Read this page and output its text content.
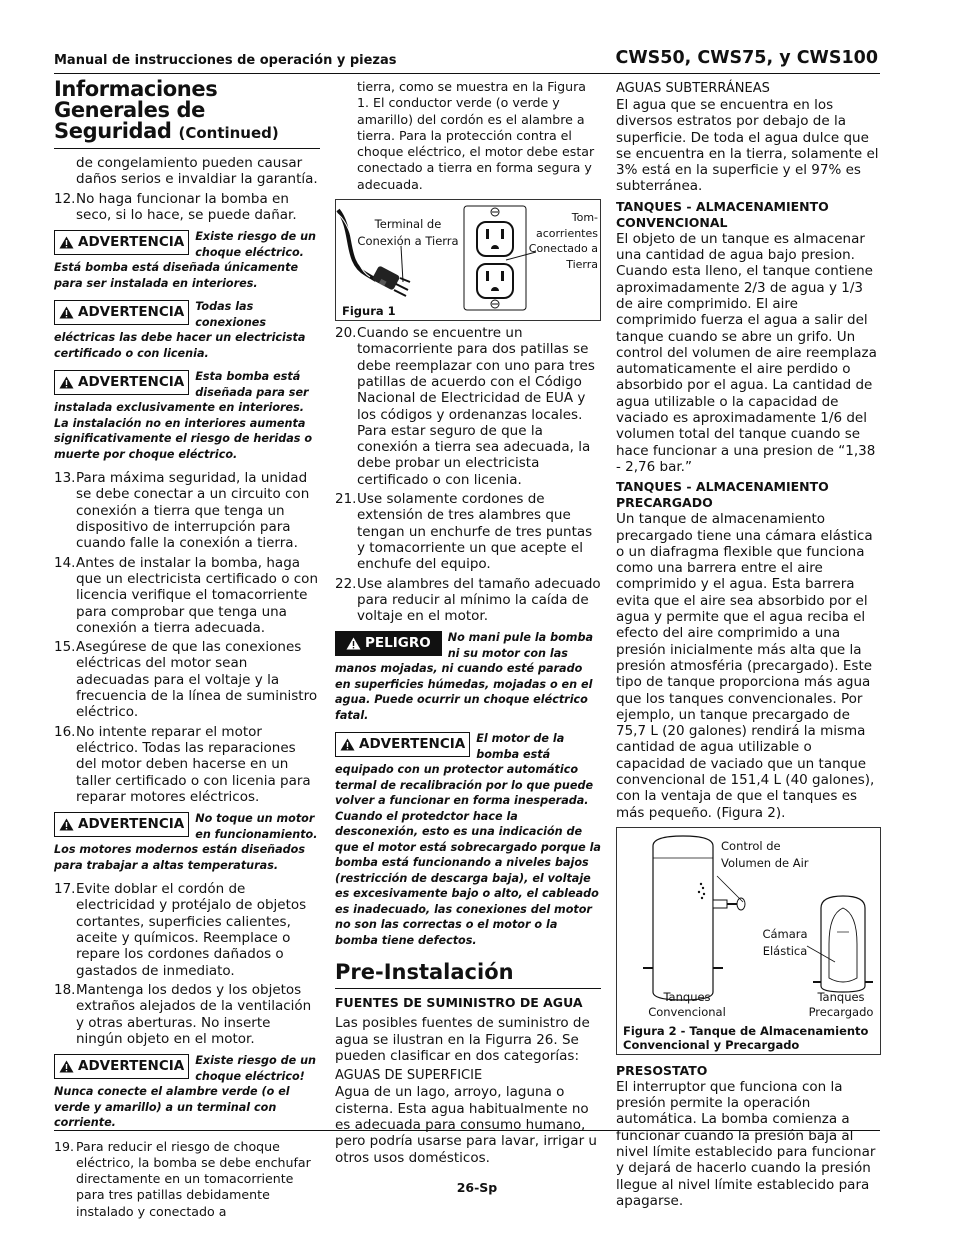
Manual de instrucciones de operación y piezas	CWS50, CWS75, y CWS100
Informaciones Generales de Seguridad (Continued)

de congelamiento pueden causar daños serios e invaldiar la garantía.

12. No haga funcionar la bomba en seco, si lo hace, se puede dañar.
ADVERTENCIA Existe riesgo de un choque eléctrico. Está bomba está diseñada únicamente para ser instalada en interiores.
ADVERTENCIA Todas las conexiones eléctricas las debe hacer un electricista certificado o con licenia.
ADVERTENCIA Esta bomba está diseñada para ser instalada exclusivamente en interiores. La instalación no en interiores aumenta significativamente el riesgo de heridas o muerte por choque eléctrico.
13. Para máxima seguridad, la unidad se debe conectar a un circuito con conexión a tierra que tenga un dispositivo de interrupción para cuando falle la conexión a tierra.
14. Antes de instalar la bomba, haga que un electricista certificado o con licencia verifique el tomacorriente para comprobar que tenga una conexión a tierra adecuada.
15. Asegúrese de que las conexiones eléctricas del motor sean adecuadas para el voltaje y la frecuencia de la línea de suministro eléctrico.
16. No intente reparar el motor eléctrico. Todas las reparaciones del motor deben hacerse en un taller certificado o con licenia para reparar motores eléctricos.
ADVERTENCIA No toque un motor en funcionamiento. Los motores modernos están diseñados para trabajar a altas temperaturas.
17. Evite doblar el cordón de electricidad y protéjalo de objetos cortantes, superficies calientes, aceite y químicos. Reemplace o repare los cordones dañados o gastados de inmediato.
18. Mantenga los dedos y los objetos extraños alejados de la ventilación y otras aberturas. No inserte ningún objeto en el motor.
ADVERTENCIA Existe riesgo de un choque eléctrico! Nunca conecte el alambre verde (o el verde y amarillo) a un terminal con corriente.
19. Para reducir el riesgo de choque eléctrico, la bomba se debe enchufar directamente en un tomacorriente para tres patillas debidamente instalado y conectado a

tierra, como se muestra en la Figura 1. El conductor verde (o verde y amarillo) del cordón es el alambre a tierra. Para la protección contra el choque eléctrico, el motor debe estar conectado a tierra en forma segura y adecuada.

Terminal de Conexión a Tierra
Tom-acorrientes Conectado a Tierra
Figura 1
20. Cuando se encuentre un tomacorriente para dos patillas se debe reemplazar con uno para tres patillas de acuerdo con el Código Nacional de Electricidad de EUA y los códigos y ordenanzas locales. Para estar seguro de que la conexión a tierra sea adecuada, la debe probar un electricista certificado o con licenia.
21. Use solamente cordones de extensión de tres alambres que tengan un enchurfe de tres puntas y tomacorriente un que acepte el enchufe del equipo.
22. Use alambres del tamaño adecuado para reducir al mínimo la caída de voltaje en el motor.
PELIGRO No mani pule la bomba ni su motor con las manos mojadas, ni cuando esté parado en superficies húmedas, mojadas o en el agua. Puede ocurrir un choque eléctrico fatal.
ADVERTENCIA El motor de la bomba está equipado con un protector automático termal de recalibración por lo que puede volver a funcionar en forma inesperada. Cuando el protedctor hace la desconexión, esto es una indicación de que el motor está sobrecargado porque la bomba está funcionando a niveles bajos (restricción de descarga baja), el voltaje es excesivamente bajo o alto, el cableado es inadecuado, las conexiones del motor no son las correctas o el motor o la bomba tiene defectos.
Pre-Instalación

FUENTES DE SUMINISTRO DE AGUA

Las posibles fuentes de suministro de agua se ilustran en la Figurra 26. Se pueden clasificar en dos categorías:

AGUAS DE SUPERFICIE

Agua de un lago, arroyo, laguna o cisterna. Esta agua habitualmente no es adecuada para consumo humano, pero podría usarse para lavar, irrigar u otros usos domésticos.

AGUAS SUBTERRÁNEAS

El agua que se encuentra en los diversos estratos por debajo de la superficie. De toda el agua dulce que se encuentra en la tierra, solamente el 3% está en la superficie y el 97% es subterránea.

TANQUES - ALMACENAMIENTO CONVENCIONAL

El objeto de un tanque es almacenar una cantidad de agua bajo presion. Cuando esta lleno, el tanque contiene aproximadamente 2/3 de agua y 1/3 de aire comprimido. El aire comprimido fuerza el agua a salir del tanque cuando se abre un grifo. Un control del volumen de aire reemplaza automaticamente el aire perdido o absorbido por el agua. La cantidad de agua utilizable o la capacidad de vaciado es aproximadamente 1/6 del volumen total del tanque cuando se hace funcionar a una presion de “1,38 - 2,76 bar.”

TANQUES - ALMACENAMIENTO PRECARGADO

Un tanque de almacenamiento precargado tiene una cámara elástica o un diafragma flexible que funciona como una barrera entre el aire comprimido y el agua. Esta barrera evita que el aire sea absorbido por el agua y permite que el agua reciba el efecto del aire comprimido a una presión inicialmente más alta que la presión atmosféria (precargado). Este tipo de tanque proporciona más agua que los tanques convencionales. Por ejemplo, un tanque precargado de 75,7 L (20 galones) rendirá la misma cantidad de agua utilizable o capacidad de vaciado que un tanque convencional de 151,4 L (40 galones), con la ventaja de que el tanques es más pequeño. (Figura 2).

Control de Volumen de Air
Cámara Elástica
Tanques Convencional
Tanques Precargado
Figura 2 - Tanque de Almacenamiento Convencional y Precargado

PRESOSTATO

El interruptor que funciona con la presión permite la operación automática. La bomba comienza a funcionar cuando la presión baja al nivel límite establecido para funcionar y dejará de hacerlo cuando la presión llegue al nivel límite establecido para apagarse.

26-Sp
